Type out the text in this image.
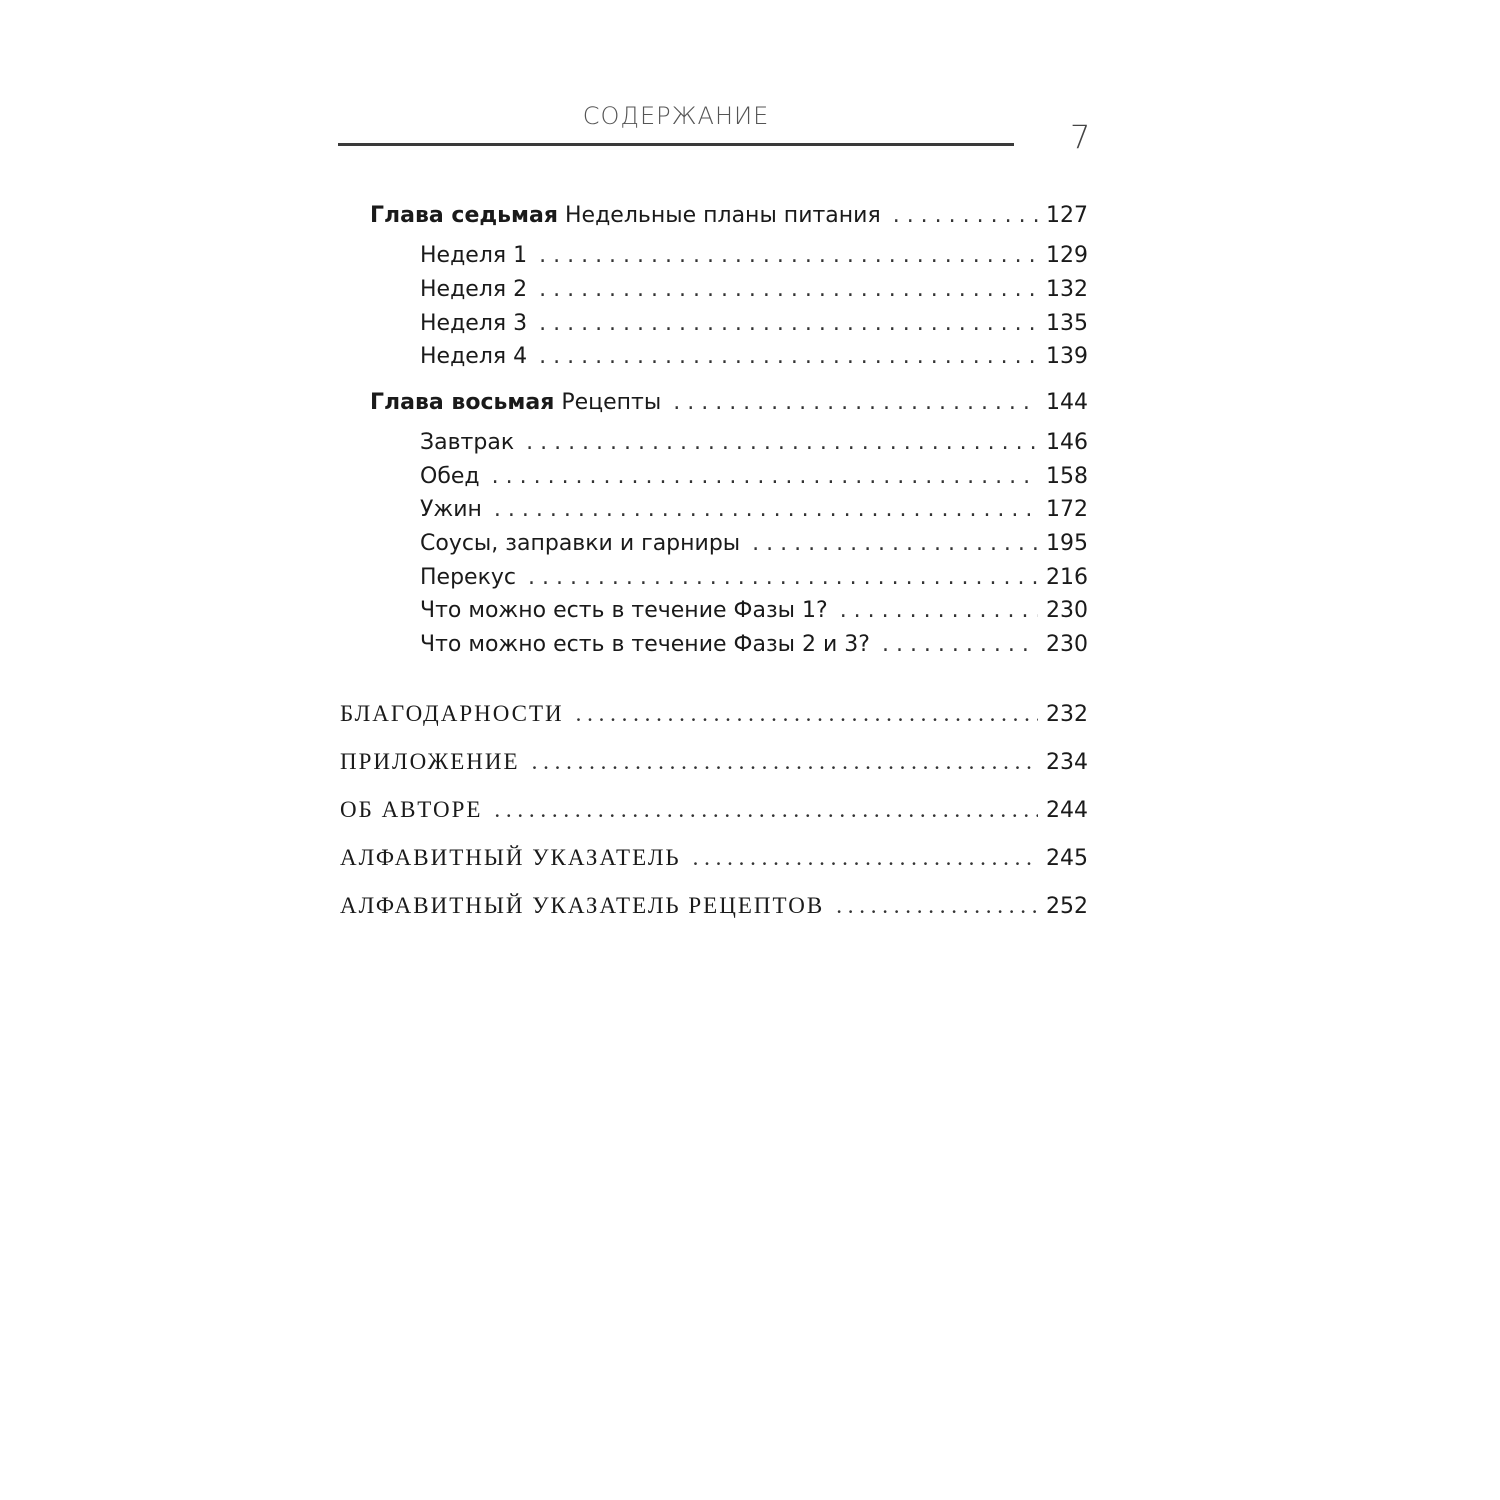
СОДЕРЖАНИЕ
7
Глава седьмая Недельные планы питания . . .	127
Неделя 1 . . .	129
Неделя 2 . . .	132
Неделя 3 . . .	135
Неделя 4 . . .	139
Глава восьмая Рецепты . . .	144
Завтрак . . .	146
Обед . . .	158
Ужин . . .	172
Соусы, заправки и гарниры . . .	195
Перекус . . .	216
Что можно есть в течение Фазы 1? . . .	230
Что можно есть в течение Фазы 2 и 3? . . .	230
БЛАГОДАРНОСТИ . . .	232
ПРИЛОЖЕНИЕ . . .	234
ОБ АВТОРЕ . . .	244
АЛФАВИТНЫЙ УКАЗАТЕЛЬ . . .	245
АЛФАВИТНЫЙ УКАЗАТЕЛЬ РЕЦЕПТОВ . . .	252
